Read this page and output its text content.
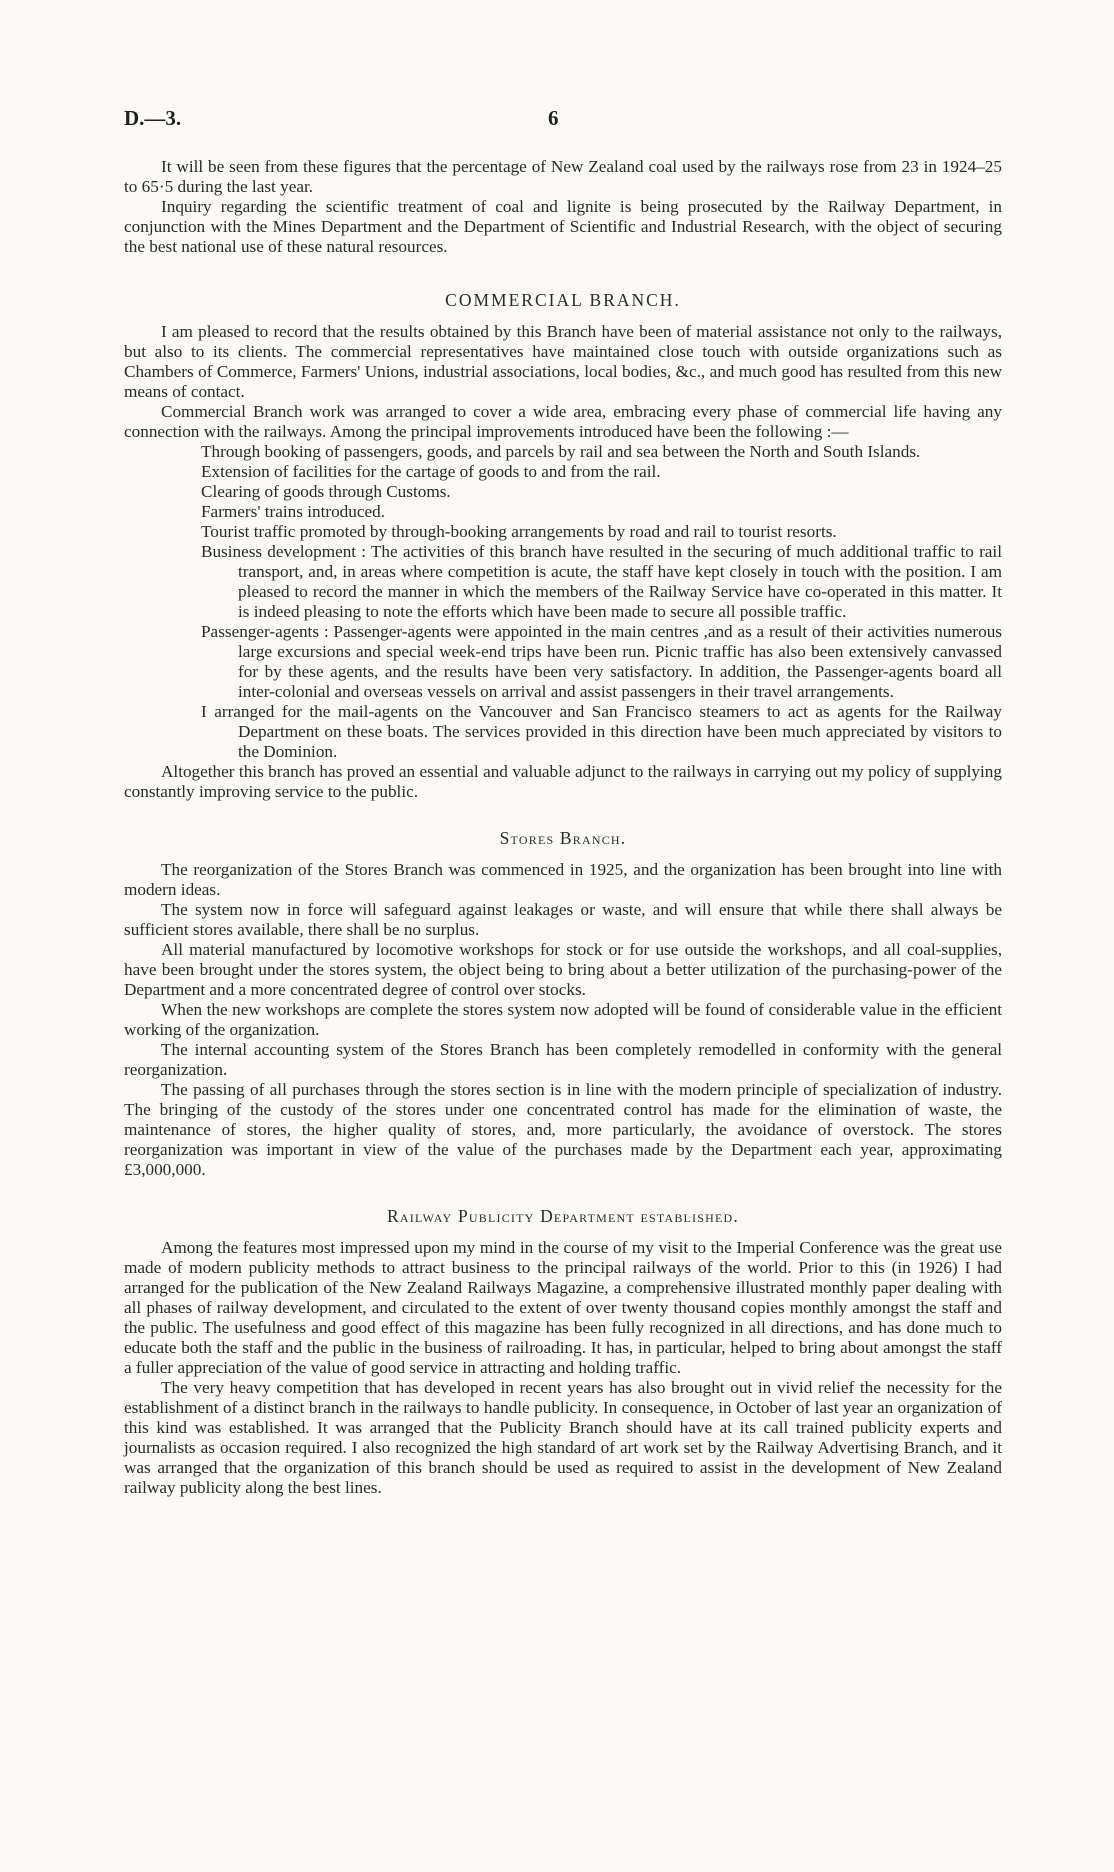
D.—3.	6

It will be seen from these figures that the percentage of New Zealand coal used by the railways rose from 23 in 1924–25 to 65·5 during the last year.

Inquiry regarding the scientific treatment of coal and lignite is being prosecuted by the Railway Department, in conjunction with the Mines Department and the Department of Scientific and Industrial Research, with the object of securing the best national use of these natural resources.

COMMERCIAL BRANCH.

I am pleased to record that the results obtained by this Branch have been of material assistance not only to the railways, but also to its clients. The commercial representatives have maintained close touch with outside organizations such as Chambers of Commerce, Farmers' Unions, industrial associations, local bodies, &c., and much good has resulted from this new means of contact.

Commercial Branch work was arranged to cover a wide area, embracing every phase of commercial life having any connection with the railways. Among the principal improvements introduced have been the following :—

Through booking of passengers, goods, and parcels by rail and sea between the North and South Islands.
Extension of facilities for the cartage of goods to and from the rail.
Clearing of goods through Customs.
Farmers' trains introduced.
Tourist traffic promoted by through-booking arrangements by road and rail to tourist resorts.
Business development : The activities of this branch have resulted in the securing of much additional traffic to rail transport, and, in areas where competition is acute, the staff have kept closely in touch with the position. I am pleased to record the manner in which the members of the Railway Service have co-operated in this matter. It is indeed pleasing to note the efforts which have been made to secure all possible traffic.
Passenger-agents : Passenger-agents were appointed in the main centres ,and as a result of their activities numerous large excursions and special week-end trips have been run. Picnic traffic has also been extensively canvassed for by these agents, and the results have been very satisfactory. In addition, the Passenger-agents board all inter-colonial and overseas vessels on arrival and assist passengers in their travel arrangements.
I arranged for the mail-agents on the Vancouver and San Francisco steamers to act as agents for the Railway Department on these boats. The services provided in this direction have been much appreciated by visitors to the Dominion.

Altogether this branch has proved an essential and valuable adjunct to the railways in carrying out my policy of supplying constantly improving service to the public.

Stores Branch.

The reorganization of the Stores Branch was commenced in 1925, and the organization has been brought into line with modern ideas.

The system now in force will safeguard against leakages or waste, and will ensure that while there shall always be sufficient stores available, there shall be no surplus.

All material manufactured by locomotive workshops for stock or for use outside the workshops, and all coal-supplies, have been brought under the stores system, the object being to bring about a better utilization of the purchasing-power of the Department and a more concentrated degree of control over stocks.

When the new workshops are complete the stores system now adopted will be found of considerable value in the efficient working of the organization.

The internal accounting system of the Stores Branch has been completely remodelled in conformity with the general reorganization.

The passing of all purchases through the stores section is in line with the modern principle of specialization of industry. The bringing of the custody of the stores under one concentrated control has made for the elimination of waste, the maintenance of stores, the higher quality of stores, and, more particularly, the avoidance of overstock. The stores reorganization was important in view of the value of the purchases made by the Department each year, approximating £3,000,000.

Railway Publicity Department established.

Among the features most impressed upon my mind in the course of my visit to the Imperial Conference was the great use made of modern publicity methods to attract business to the principal railways of the world. Prior to this (in 1926) I had arranged for the publication of the New Zealand Railways Magazine, a comprehensive illustrated monthly paper dealing with all phases of railway development, and circulated to the extent of over twenty thousand copies monthly amongst the staff and the public. The usefulness and good effect of this magazine has been fully recognized in all directions, and has done much to educate both the staff and the public in the business of railroading. It has, in particular, helped to bring about amongst the staff a fuller appreciation of the value of good service in attracting and holding traffic.

The very heavy competition that has developed in recent years has also brought out in vivid relief the necessity for the establishment of a distinct branch in the railways to handle publicity. In consequence, in October of last year an organization of this kind was established. It was arranged that the Publicity Branch should have at its call trained publicity experts and journalists as occasion required. I also recognized the high standard of art work set by the Railway Advertising Branch, and it was arranged that the organization of this branch should be used as required to assist in the development of New Zealand railway publicity along the best lines.
